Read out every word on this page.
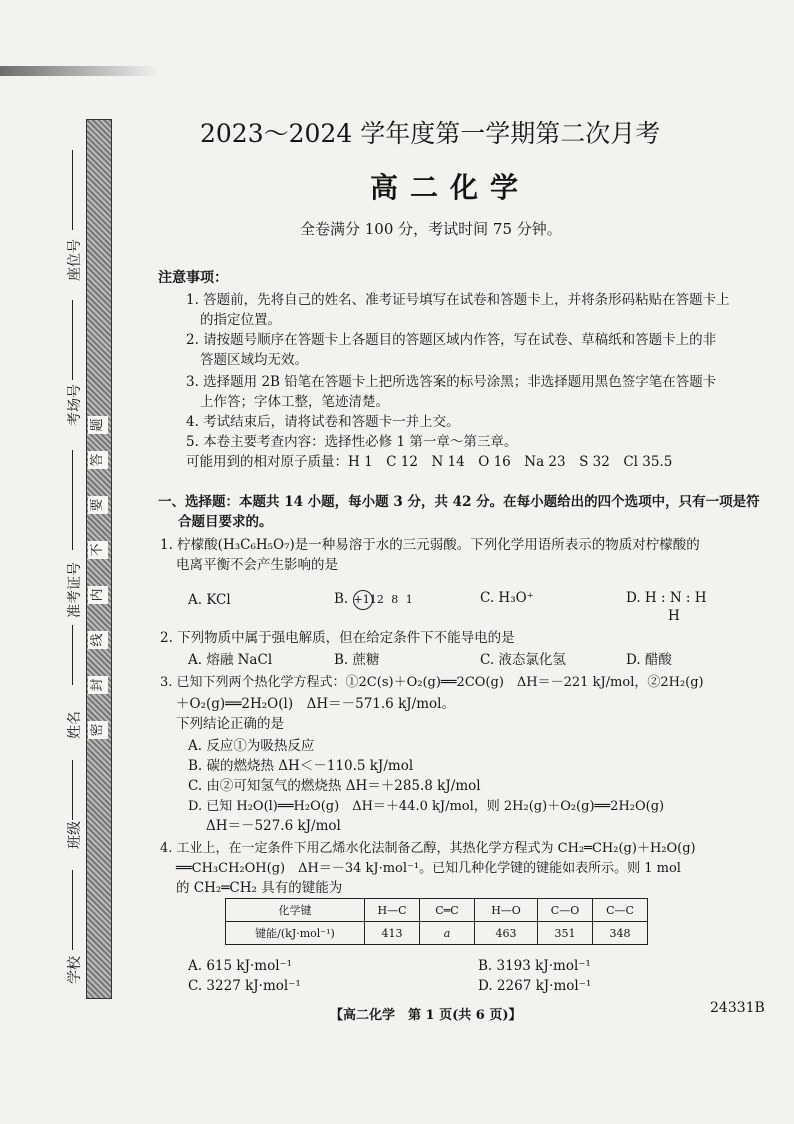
题
答
要
不
内
线
封
密
座位号
考场号
准考证号
姓名
班级
学校
2023～2024 学年度第一学期第二次月考
高二化学
全卷满分 100 分，考试时间 75 分钟。
注意事项：
1. 答题前，先将自己的姓名、准考证号填写在试卷和答题卡上，并将条形码粘贴在答题卡上
的指定位置。
2. 请按题号顺序在答题卡上各题目的答题区域内作答，写在试卷、草稿纸和答题卡上的非
答题区域均无效。
3. 选择题用 2B 铅笔在答题卡上把所选答案的标号涂黑；非选择题用黑色签字笔在答题卡
上作答；字体工整，笔迹清楚。
4. 考试结束后，请将试卷和答题卡一并上交。
5. 本卷主要考查内容：选择性必修 1 第一章～第三章。
可能用到的相对原子质量：H 1　C 12　N 14　O 16　Na 23　S 32　Cl 35.5
一、选择题：本题共 14 小题，每小题 3 分，共 42 分。在每小题给出的四个选项中，只有一项是符
合题目要求的。
1. 柠檬酸(H₃C₆H₅O₇)是一种易溶于水的三元弱酸。下列化学用语所表示的物质对柠檬酸的
电离平衡不会产生影响的是
A. KCl	B. +11 2 8 1	C. H₃O⁺	D. H : N : H
H
2. 下列物质中属于强电解质，但在给定条件下不能导电的是
A. 熔融 NaCl	B. 蔗糖	C. 液态氯化氢	D. 醋酸
3. 已知下列两个热化学方程式：①2C(s)＋O₂(g)══2CO(g)　ΔH＝－221 kJ/mol，②2H₂(g)
＋O₂(g)══2H₂O(l)　ΔH＝－571.6 kJ/mol。
下列结论正确的是
A. 反应①为吸热反应
B. 碳的燃烧热 ΔH＜－110.5 kJ/mol
C. 由②可知氢气的燃烧热 ΔH＝＋285.8 kJ/mol
D. 已知 H₂O(l)══H₂O(g)　ΔH＝＋44.0 kJ/mol，则 2H₂(g)＋O₂(g)══2H₂O(g)
ΔH＝－527.6 kJ/mol
4. 工业上，在一定条件下用乙烯水化法制备乙醇，其热化学方程式为 CH₂═CH₂(g)＋H₂O(g)
══CH₃CH₂OH(g)　ΔH＝－34 kJ·mol⁻¹。已知几种化学键的键能如表所示。则 1 mol
的 CH₂═CH₂ 具有的键能为
化学键	H—C	C═C	H—O	C—O	C—C
键能/(kJ·mol⁻¹)	413	a	463	351	348
A. 615 kJ·mol⁻¹	B. 3193 kJ·mol⁻¹
C. 3227 kJ·mol⁻¹	D. 2267 kJ·mol⁻¹
【高二化学　第 1 页(共 6 页)】	24331B
